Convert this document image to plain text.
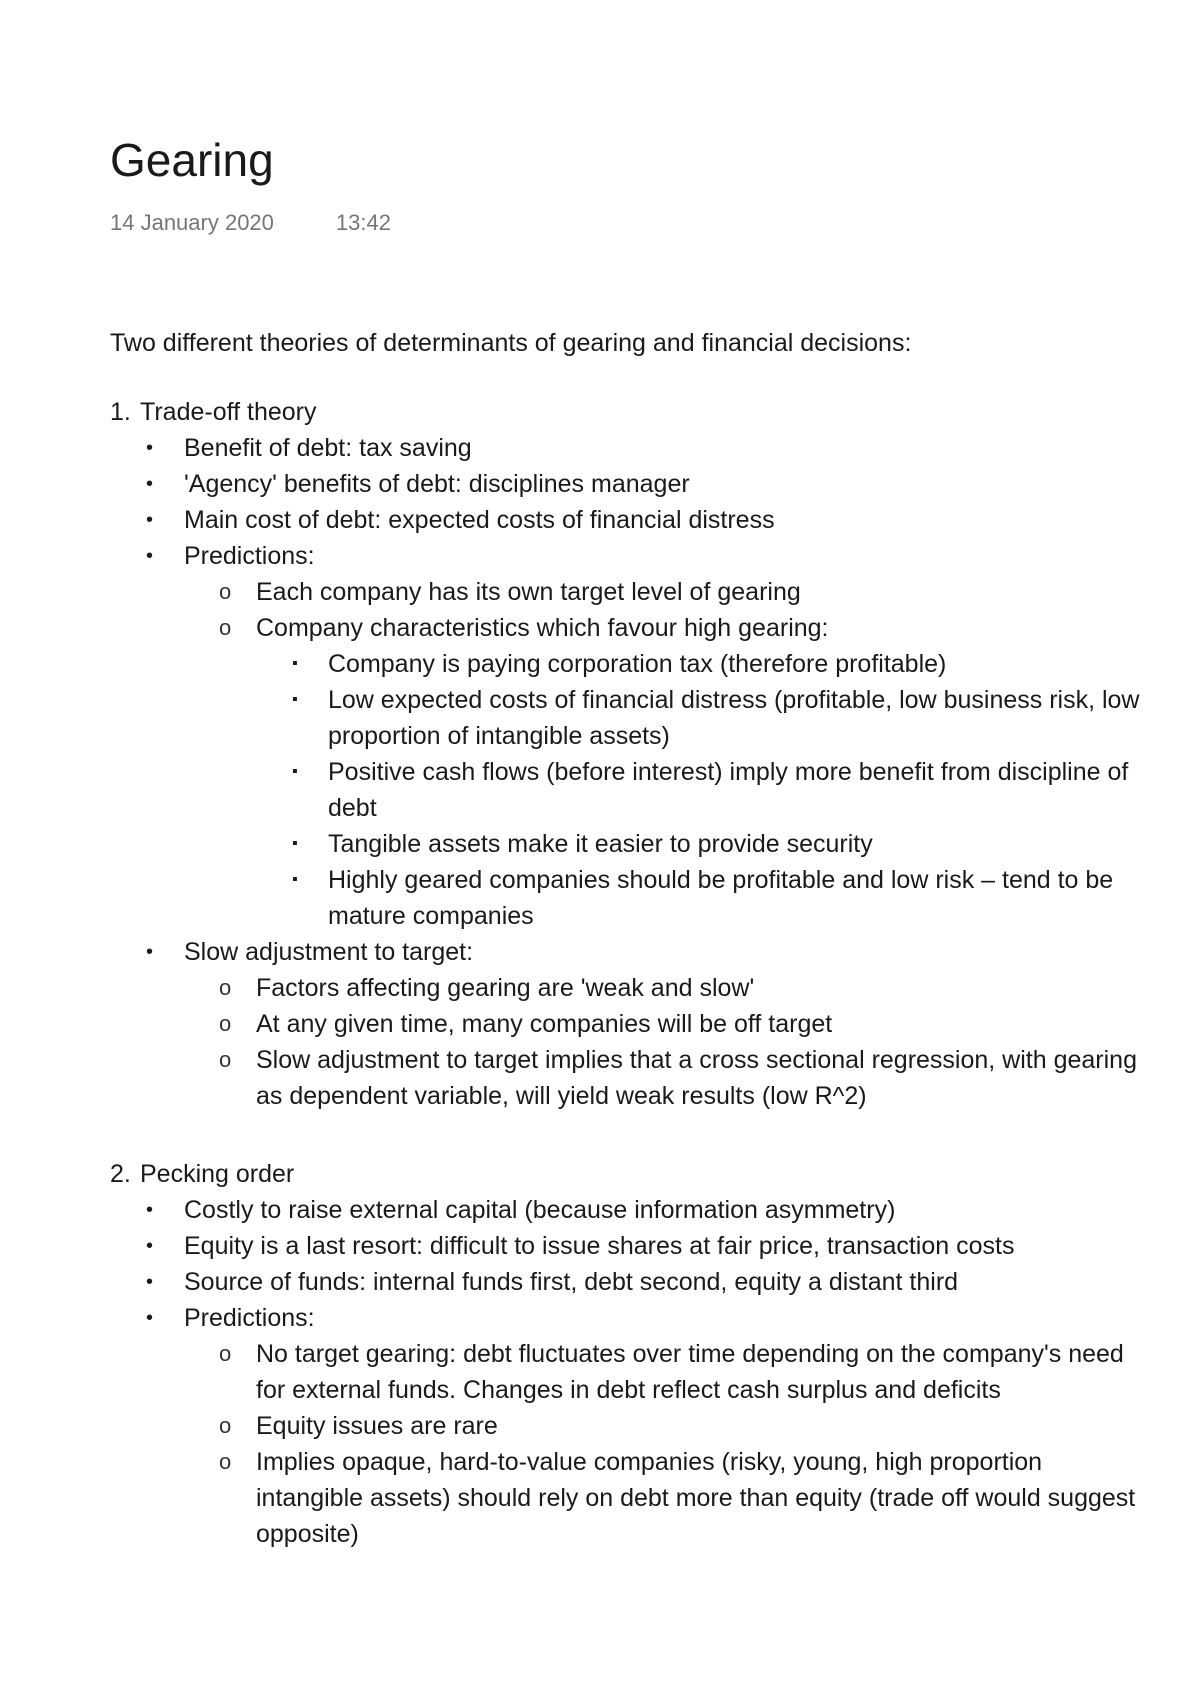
Gearing
14 January 2020	13:42
Two different theories of determinants of gearing and financial decisions:
1. Trade-off theory
• Benefit of debt: tax saving
• 'Agency' benefits of debt: disciplines manager
• Main cost of debt: expected costs of financial distress
• Predictions:
o Each company has its own target level of gearing
o Company characteristics which favour high gearing:
▪ Company is paying corporation tax (therefore profitable)
▪ Low expected costs of financial distress (profitable, low business risk, low proportion of intangible assets)
▪ Positive cash flows (before interest) imply more benefit from discipline of debt
▪ Tangible assets make it easier to provide security
▪ Highly geared companies should be profitable and low risk – tend to be mature companies
• Slow adjustment to target:
o Factors affecting gearing are 'weak and slow'
o At any given time, many companies will be off target
o Slow adjustment to target implies that a cross sectional regression, with gearing as dependent variable, will yield weak results (low R^2)
2. Pecking order
• Costly to raise external capital (because information asymmetry)
• Equity is a last resort: difficult to issue shares at fair price, transaction costs
• Source of funds: internal funds first, debt second, equity a distant third
• Predictions:
o No target gearing: debt fluctuates over time depending on the company's need for external funds. Changes in debt reflect cash surplus and deficits
o Equity issues are rare
o Implies opaque, hard-to-value companies (risky, young, high proportion intangible assets) should rely on debt more than equity (trade off would suggest opposite)
